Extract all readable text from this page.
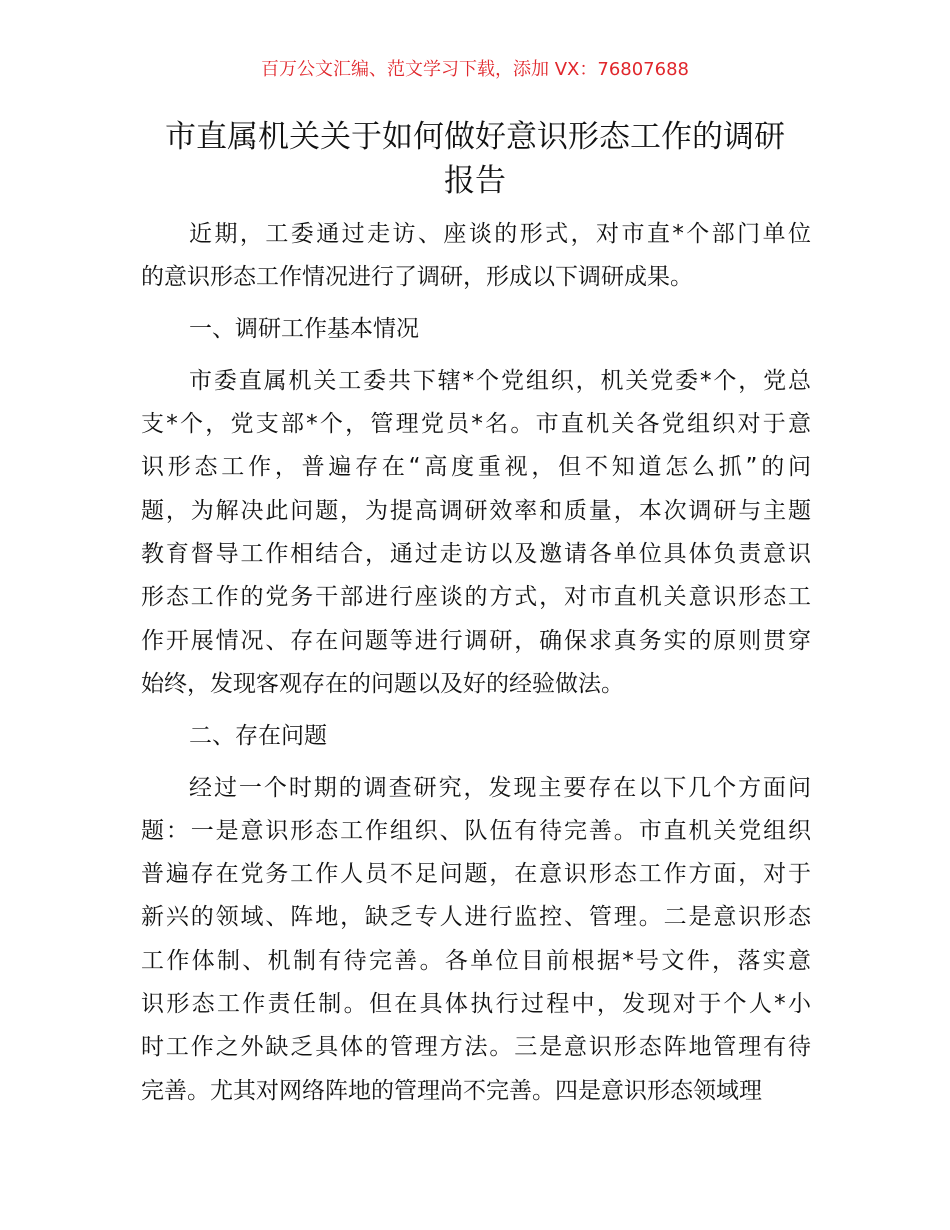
百万公文汇编、范文学习下载，添加 VX：76807688
市直属机关关于如何做好意识形态工作的调研
报告
近期，工委通过走访、座谈的形式，对市直*个部门单位
的意识形态工作情况进行了调研，形成以下调研成果。
一、调研工作基本情况
市委直属机关工委共下辖*个党组织，机关党委*个，党总
支*个，党支部*个，管理党员*名。市直机关各党组织对于意
识形态工作，普遍存在“高度重视，但不知道怎么抓”的问
题，为解决此问题，为提高调研效率和质量，本次调研与主题
教育督导工作相结合，通过走访以及邀请各单位具体负责意识
形态工作的党务干部进行座谈的方式，对市直机关意识形态工
作开展情况、存在问题等进行调研，确保求真务实的原则贯穿
始终，发现客观存在的问题以及好的经验做法。
二、存在问题
经过一个时期的调查研究，发现主要存在以下几个方面问
题：一是意识形态工作组织、队伍有待完善。市直机关党组织
普遍存在党务工作人员不足问题，在意识形态工作方面，对于
新兴的领域、阵地，缺乏专人进行监控、管理。二是意识形态
工作体制、机制有待完善。各单位目前根据*号文件，落实意
识形态工作责任制。但在具体执行过程中，发现对于个人*小
时工作之外缺乏具体的管理方法。三是意识形态阵地管理有待
完善。尤其对网络阵地的管理尚不完善。四是意识形态领域理
